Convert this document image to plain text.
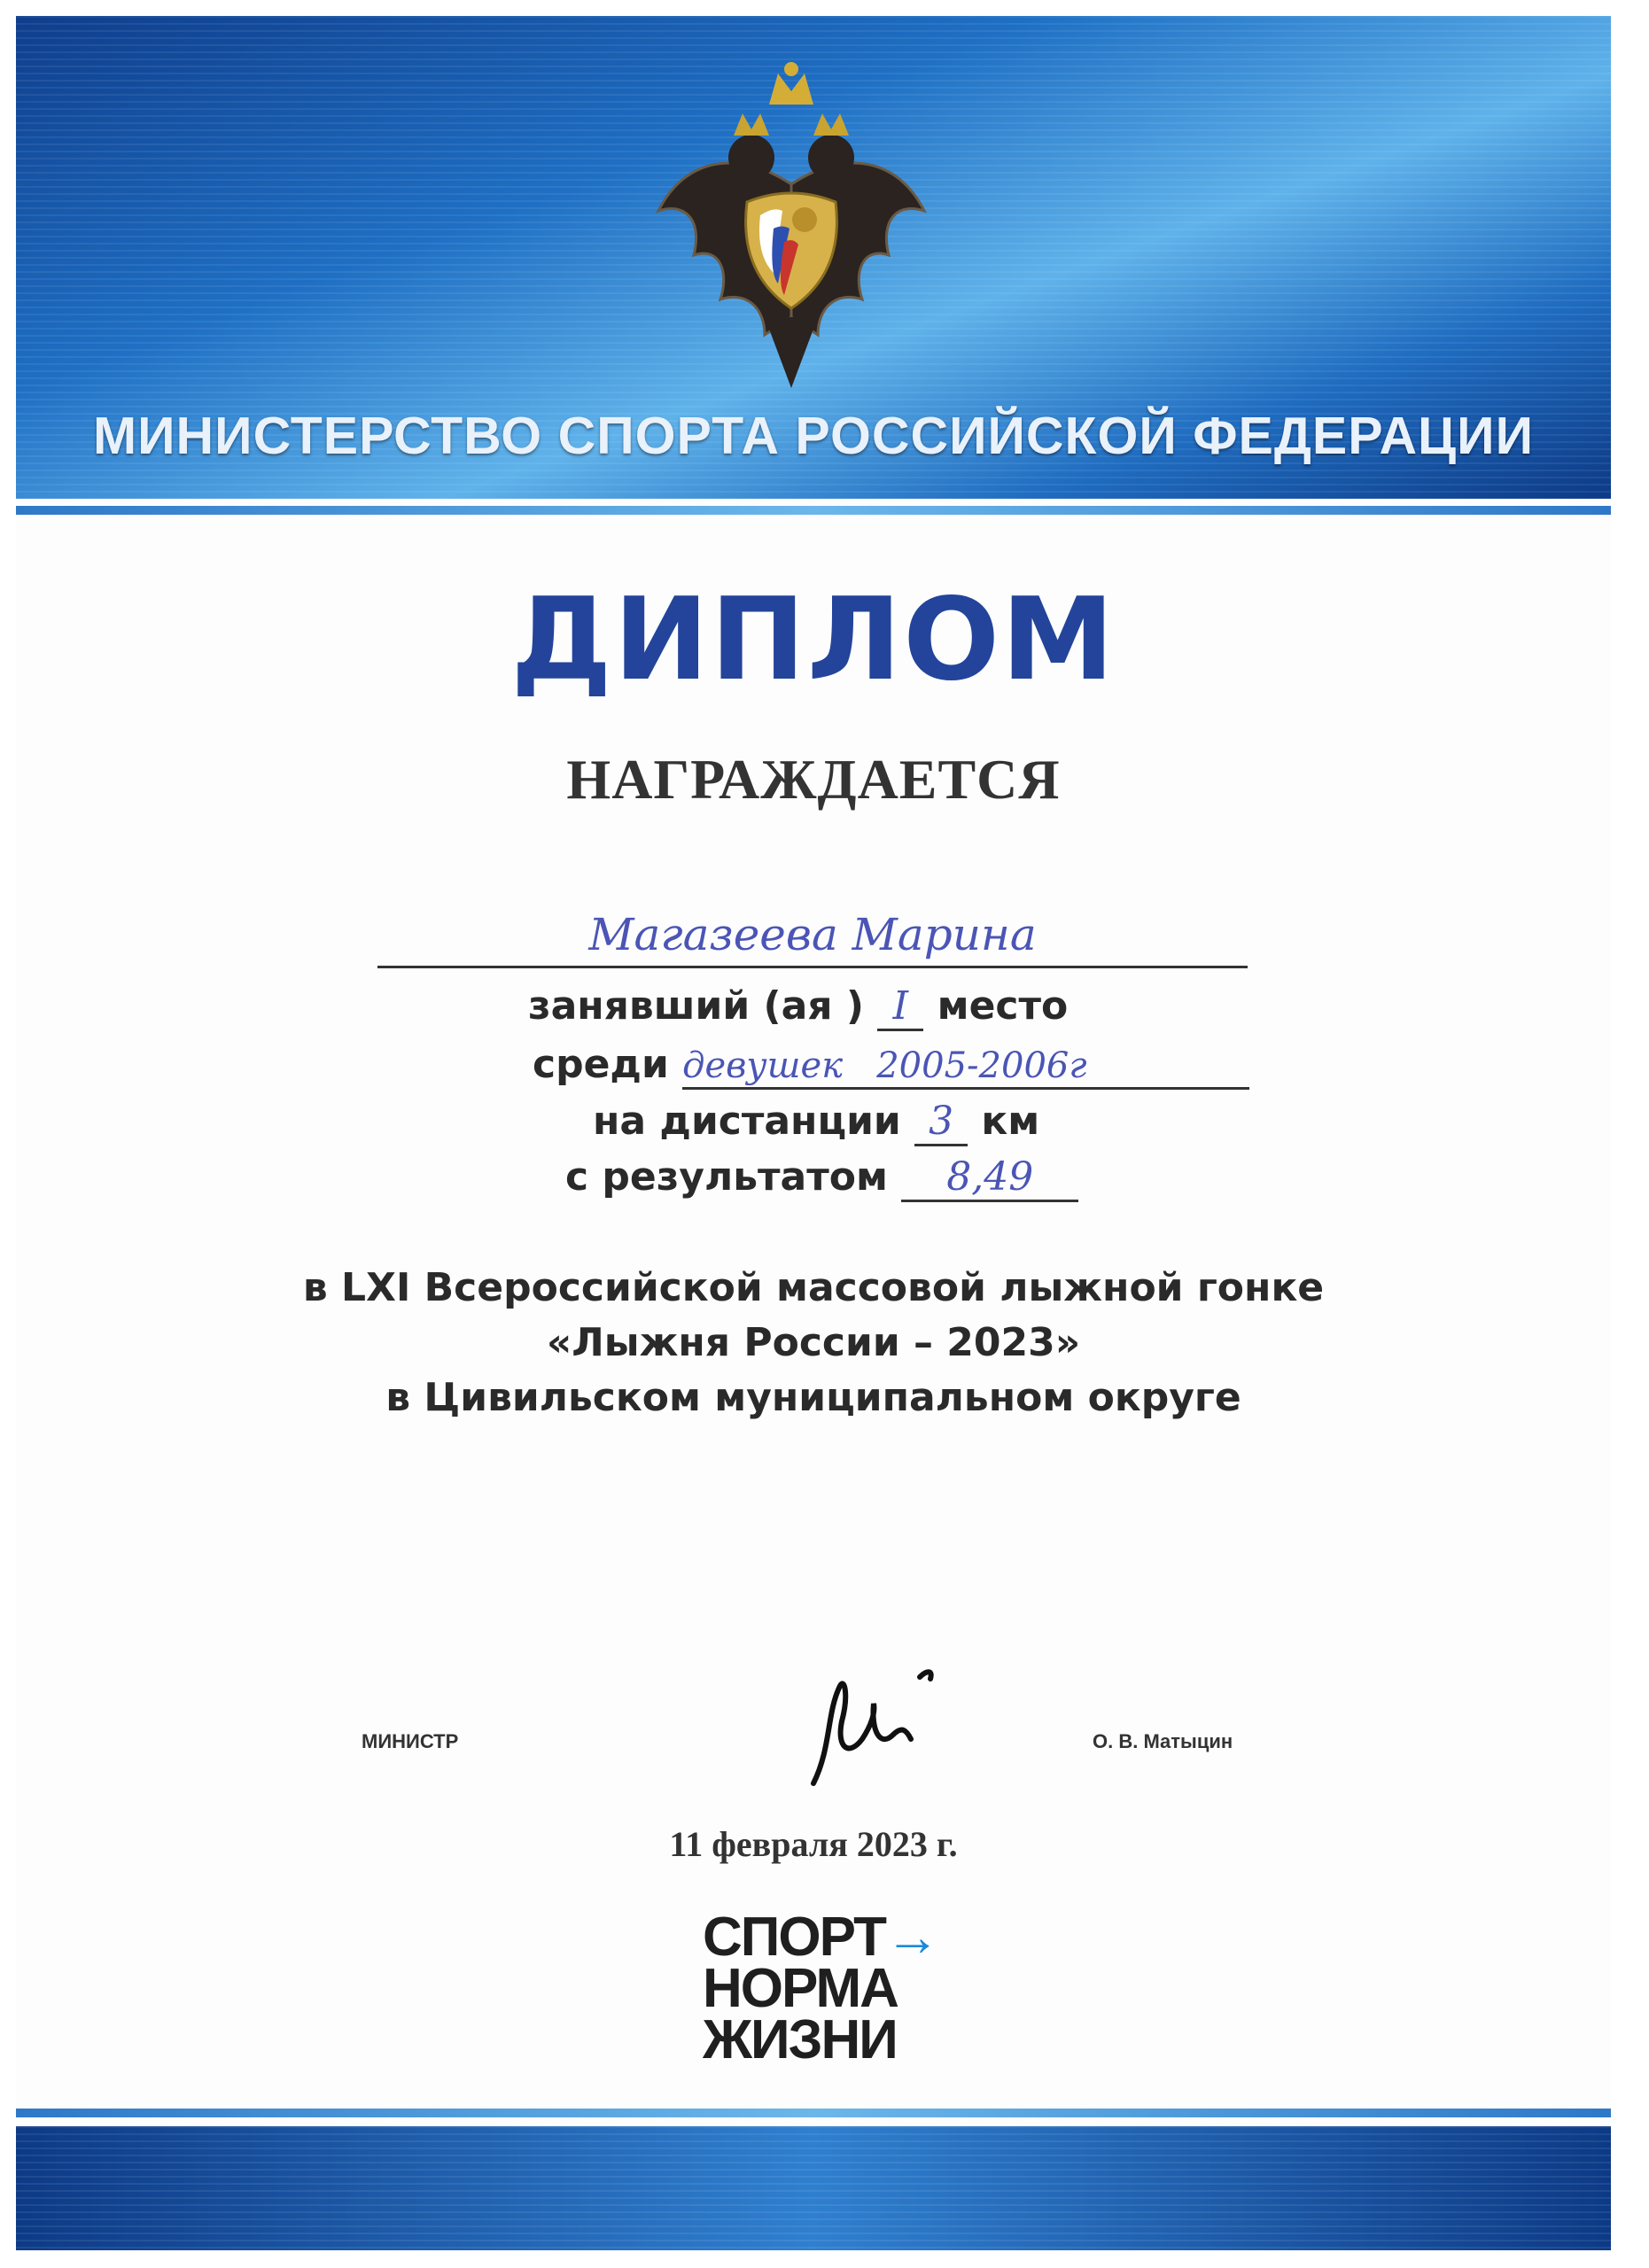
МИНИСТЕРСТВО СПОРТА РОССИЙСКОЙ ФЕДЕРАЦИИ
ДИПЛОМ
НАГРАЖДАЕТСЯ
Магазеева Марина
занявший (ая ) I место
среди девушек   2005-2006г
на дистанции 3 км
с результатом 8,49
в LXI Всероссийской массовой лыжной гонке
«Лыжня России – 2023»
в Цивильском муниципальном округе
МИНИСТР	О. В. Матыцин
11 февраля 2023 г.
СПОРТ→
НОРМА
ЖИЗНИ
